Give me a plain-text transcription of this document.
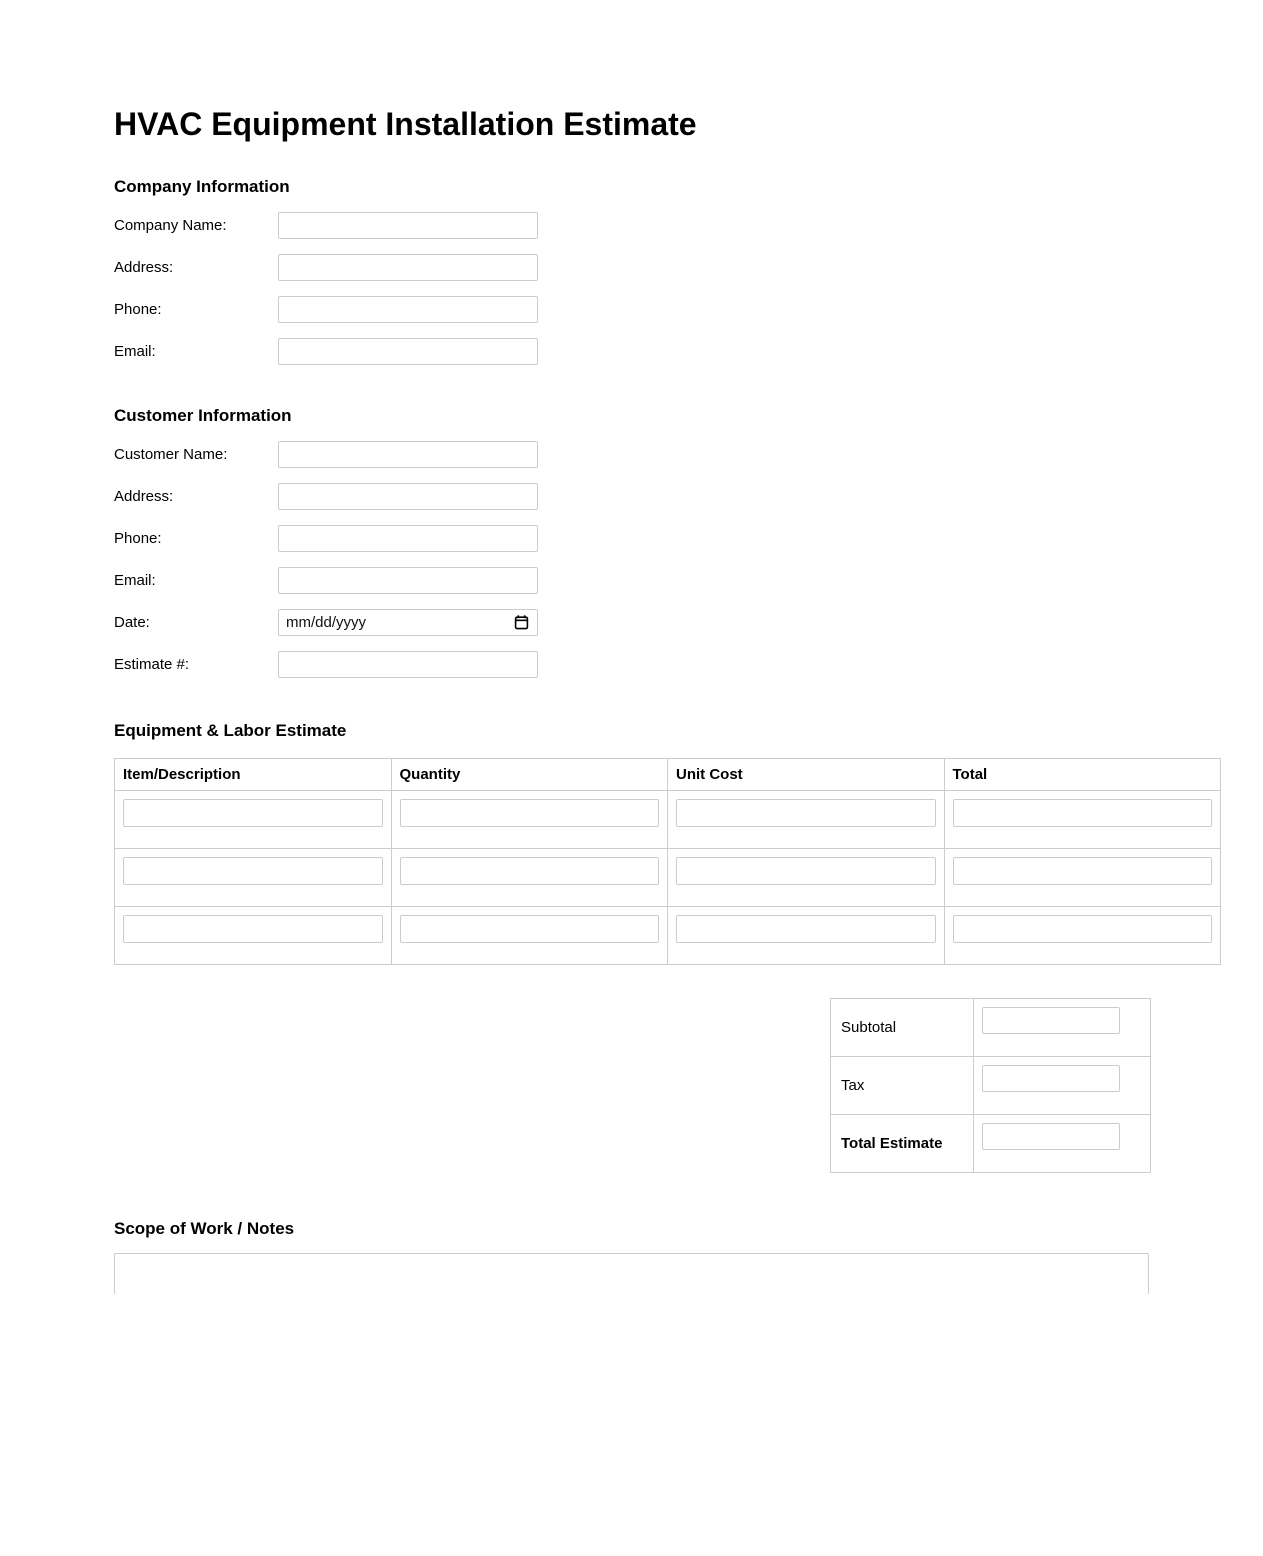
HVAC Equipment Installation Estimate
Company Information
Company Name:
Address:
Phone:
Email:
Customer Information
Customer Name:
Address:
Phone:
Email:
Date:	mm/dd/yyyy
Estimate #:
Equipment & Labor Estimate
Item/Description	Quantity	Unit Cost	Total

Subtotal	
Tax	
Total Estimate	
Scope of Work / Notes
